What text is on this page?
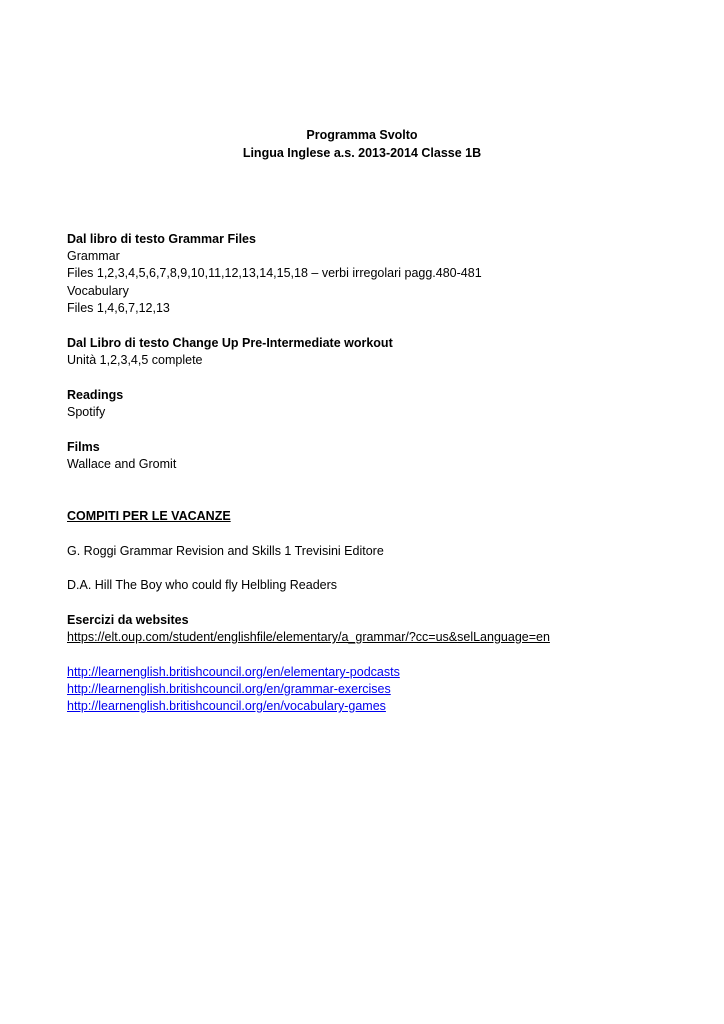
Programma Svolto
Lingua Inglese a.s. 2013-2014 Classe 1B
Dal libro di testo Grammar Files
Grammar
Files 1,2,3,4,5,6,7,8,9,10,11,12,13,14,15,18 – verbi irregolari pagg.480-481
Vocabulary
Files 1,4,6,7,12,13
Dal Libro di testo Change Up Pre-Intermediate workout
Unità 1,2,3,4,5 complete
Readings
Spotify
Films
Wallace and Gromit
COMPITI PER LE VACANZE
G. Roggi Grammar Revision and Skills 1 Trevisini Editore
D.A. Hill The Boy who could fly Helbling Readers
Esercizi da websites
https://elt.oup.com/student/englishfile/elementary/a_grammar/?cc=us&selLanguage=en
http://learnenglish.britishcouncil.org/en/elementary-podcasts
http://learnenglish.britishcouncil.org/en/grammar-exercises
http://learnenglish.britishcouncil.org/en/vocabulary-games
